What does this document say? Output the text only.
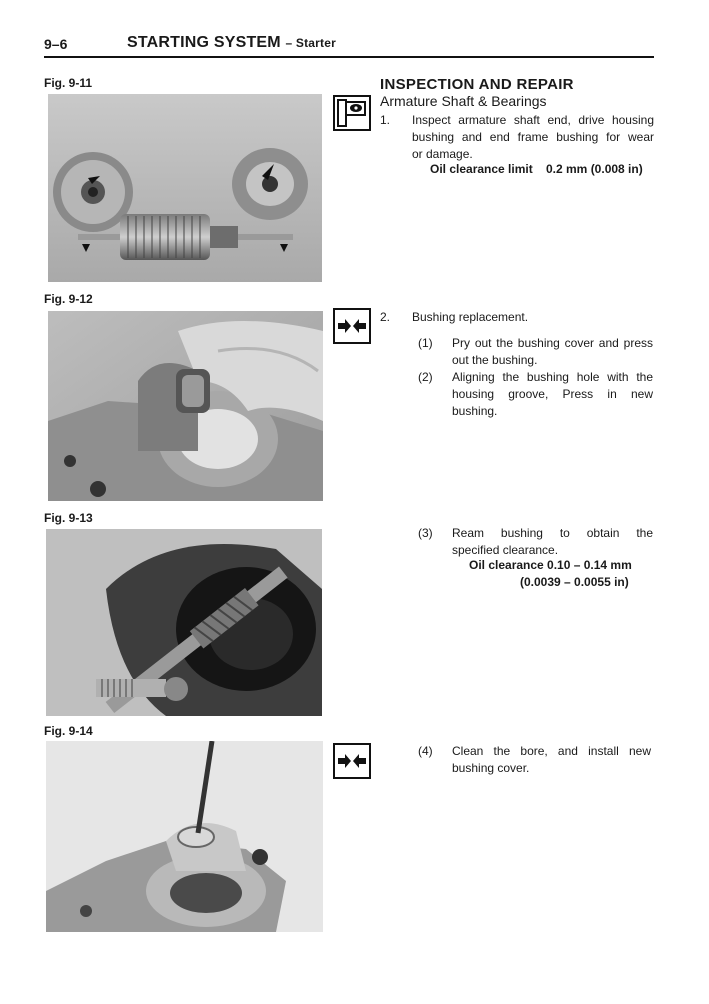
9–6	STARTING SYSTEM – Starter
Fig. 9-11
Fig. 9-12
Fig. 9-13
Fig. 9-14
INSPECTION AND REPAIR
Armature Shaft & Bearings
1. Inspect armature shaft end, drive housing
bushing and end frame bushing for wear
or damage.
Oil clearance limit 0.2 mm (0.008 in)
2. Bushing replacement.
(1) Pry out the bushing cover and press
out the bushing.
(2) Aligning the bushing hole with the
housing groove, Press in new
bushing.
(3) Ream bushing to obtain the
specified clearance.
Oil clearance 0.10 – 0.14 mm
(0.0039 – 0.0055 in)
(4) Clean the bore, and install new
bushing cover.
